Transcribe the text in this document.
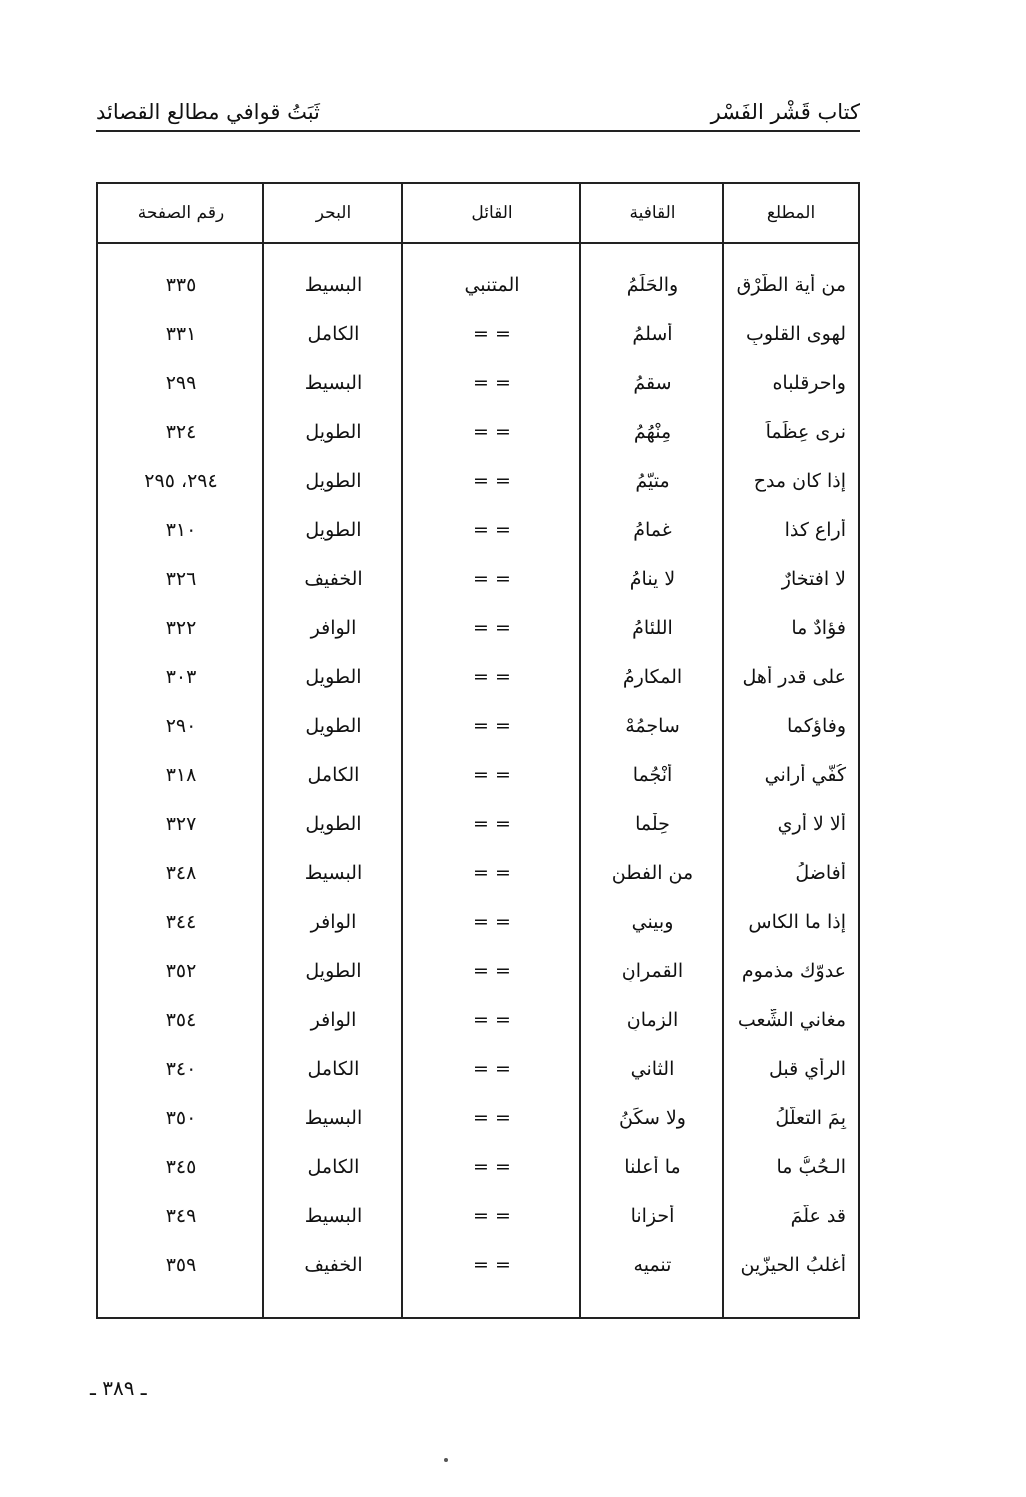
كتاب قَشْر الفَسْر
ثَبَتُ قوافي مطالع القصائد
المطلع
القافية
القائل
البحر
رقم الصفحة
من أية الطُّرْق
والحَلَمُ
المتنبي
البسيط
٣٣٥
لهوى القلوبِ
أسلمُ
= =
الكامل
٣٣١
واحرقلباه
سقمُ
= =
البسيط
٢٩٩
نرى عِظَماً
مِنْهُمُ
= =
الطويل
٣٢٤
إذا كان مدح
متيّمُ
= =
الطويل
٢٩٤، ٢٩٥
أراع كذا
غمامُ
= =
الطويل
٣١٠
لا افتخارٌ
لا ينامُ
= =
الخفيف
٣٢٦
فؤادٌ ما
اللئامُ
= =
الوافر
٣٢٢
على قدر أهل
المكارمُ
= =
الطويل
٣٠٣
وفاؤكما
ساجمُهْ
= =
الطويل
٢٩٠
كُفّي أراني
أنْجُما
= =
الكامل
٣١٨
ألا لا أري
حِلْما
= =
الطويل
٣٢٧
أفاضلُ
من الفطنِ
= =
البسيط
٣٤٨
إذا ما الكاس
وبيني
= =
الوافر
٣٤٤
عدوّك مذموم
القمرانِ
= =
الطويل
٣٥٢
مغاني الشِّعب
الزمانِ
= =
الوافر
٣٥٤
الرأي قبل
الثاني
= =
الكامل
٣٤٠
بِمَ التعلّلُ
ولا سكَنُ
= =
البسيط
٣٥٠
الـحُبُّ ما
ما أعلنا
= =
الكامل
٣٤٥
قد علّمَ
أحزانا
= =
البسيط
٣٤٩
أغلبُ الحيزّين
تنميه
= =
الخفيف
٣٥٩
ـ ٣٨٩ ـ
